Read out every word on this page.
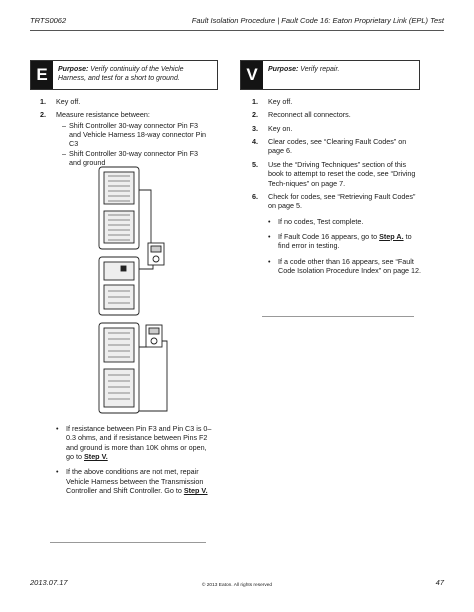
TRTS0062	Fault Isolation Procedure | Fault Code 16: Eaton Proprietary Link (EPL) Test
E	Purpose: Verify continuity of the Vehicle Harness, and test for a short to ground.	V	Purpose: Verify repair.
1. Key off.
2. Measure resistance between:
– Shift Controller 30-way connector Pin F3 and Vehicle Harness 18-way connector Pin C3
– Shift Controller 30-way connector Pin F3 and ground
• If resistance between Pin F3 and Pin C3 is 0–0.3 ohms, and if resistance between Pins F2 and ground is more than 10K ohms or open, go to Step V.
• If the above conditions are not met, repair Vehicle Harness between the Transmission Controller and Shift Controller. Go to Step V.
1. Key off.
2. Reconnect all connectors.
3. Key on.
4. Clear codes, see “Clearing Fault Codes” on page 6.
5. Use the “Driving Techniques” section of this book to attempt to reset the code, see “Driving Tech-niques” on page 7.
6. Check for codes, see “Retrieving Fault Codes” on page 5.
• If no codes, Test complete.
• If Fault Code 16 appears, go to Step A. to find error in testing.
• If a code other than 16 appears, see “Fault Code Isolation Procedure Index” on page 12.
2013.07.17	© 2013 Eaton. All rights reserved	47
